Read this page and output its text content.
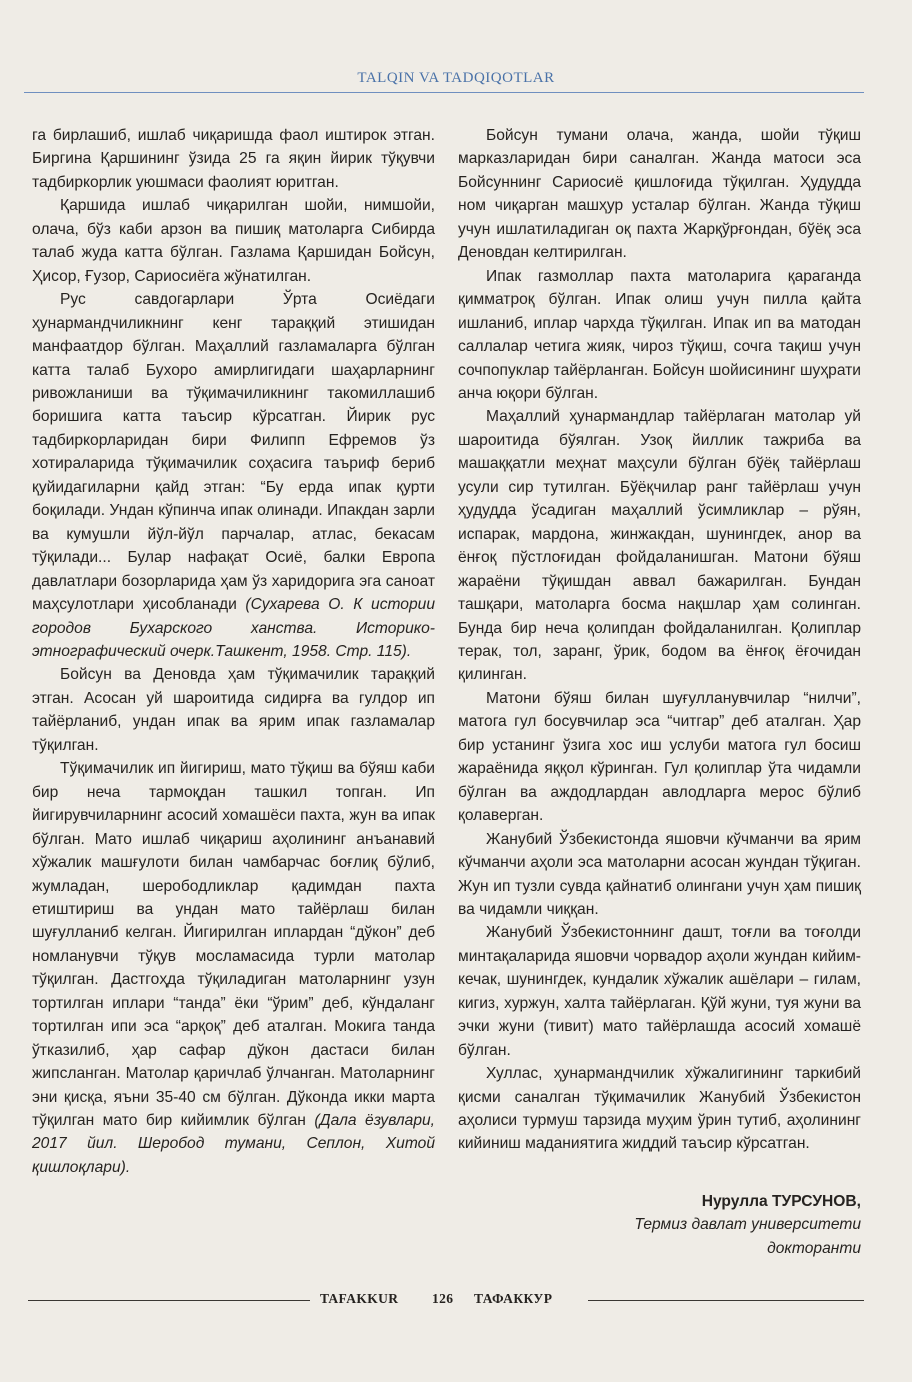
TALQIN VA TADQIQOTLAR

га бирлашиб, ишлаб чиқаришда фаол иштирок этган. Биргина Қаршининг ўзида 25 га яқин йирик тўқувчи тадбиркорлик уюшмаси фаолият юритган.

Қаршида ишлаб чиқарилган шойи, нимшойи, олача, бўз каби арзон ва пишиқ матоларга Сибирда талаб жуда катта бўлган. Газлама Қаршидан Бойсун, Ҳисор, Ғузор, Сариосиёга жўнатилган.

Рус савдогарлари Ўрта Осиёдаги ҳунармандчиликнинг кенг тараққий этишидан манфаатдор бўлган. Маҳаллий газламаларга бўлган катта талаб Бухоро амирлигидаги шаҳарларнинг ривожланиши ва тўқимачиликнинг такомиллашиб боришига катта таъсир кўрсатган. Йирик рус тадбиркорларидан бири Филипп Ефремов ўз хотираларида тўқимачилик соҳасига таъриф бериб қуйидагиларни қайд этган: “Бу ерда ипак қурти боқилади. Ундан кўпинча ипак олинади. Ипакдан зарли ва кумушли йўл-йўл парчалар, атлас, бекасам тўқилади... Булар нафақат Осиё, балки Европа давлатлари бозорларида ҳам ўз харидорига эга саноат маҳсулотлари ҳисобланади (Сухарева О. К истории городов Бухарского ханства. Историко-этнографический очерк.Ташкент, 1958. Стр. 115).

Бойсун ва Деновда ҳам тўқимачилик тараққий этган. Асосан уй шароитида сидирға ва гулдор ип тайёрланиб, ундан ипак ва ярим ипак газламалар тўқилган.

Тўқимачилик ип йигириш, мато тўқиш ва бўяш каби бир неча тармоқдан ташкил топган. Ип йигирувчиларнинг асосий хомашёси пахта, жун ва ипак бўлган. Мато ишлаб чиқариш аҳолининг анъанавий хўжалик машғулоти билан чамбарчас боғлиқ бўлиб, жумладан, шерободликлар қадимдан пахта етиштириш ва ундан мато тайёрлаш билан шуғулланиб келган. Йигирилган иплардан “дўкон” деб номланувчи тўқув мосламасида турли матолар тўқилган. Дастгоҳда тўқиладиган матоларнинг узун тортилган иплари “танда” ёки “ўрим” деб, кўндаланг тортилган ипи эса “арқоқ” деб аталган. Мокига танда ўтказилиб, ҳар сафар дўкон дастаси билан жипсланган. Матолар қаричлаб ўлчанган. Матоларнинг эни қисқа, яъни 35-40 см бўлган. Дўконда икки марта тўқилган мато бир кийимлик бўлган (Дала ёзувлари, 2017 йил. Шеробод тумани, Сеплон, Хитой қишлоқлари).

Бойсун тумани олача, жанда, шойи тўқиш марказларидан бири саналган. Жанда матоси эса Бойсуннинг Сариосиё қишлоғида тўқилган. Ҳудудда ном чиқарган машҳур усталар бўлган. Жанда тўқиш учун ишлатиладиган оқ пахта Жарқўрғондан, бўёқ эса Деновдан келтирилган.

Ипак газмоллар пахта матоларига қараганда қимматроқ бўлган. Ипак олиш учун пилла қайта ишланиб, иплар чархда тўқилган. Ипак ип ва матодан саллалар четига жияк, чироз тўқиш, сочга тақиш учун сочпопуклар тайёрланган. Бойсун шойисининг шуҳрати анча юқори бўлган.

Маҳаллий ҳунармандлар тайёрлаган матолар уй шароитида бўялган. Узоқ йиллик тажриба ва машаққатли меҳнат маҳсули бўлган бўёқ тайёрлаш усули сир тутилган. Бўёқчилар ранг тайёрлаш учун ҳудудда ўсадиган маҳаллий ўсимликлар – рўян, испарак, мардона, жинжакдан, шунингдек, анор ва ёнғоқ пўстлоғидан фойдаланишган. Матони бўяш жараёни тўқишдан аввал бажарилган. Бундан ташқари, матоларга босма нақшлар ҳам солинган. Бунда бир неча қолипдан фойдаланилган. Қолиплар терак, тол, заранг, ўрик, бодом ва ёнғоқ ёғочидан қилинган.

Матони бўяш билан шуғулланувчилар “нилчи”, матога гул босувчилар эса “читгар” деб аталган. Ҳар бир устанинг ўзига хос иш услуби матога гул босиш жараёнида яққол кўринган. Гул қолиплар ўта чидамли бўлган ва аждодлардан авлодларга мерос бўлиб қолаверган.

Жанубий Ўзбекистонда яшовчи кўчманчи ва ярим кўчманчи аҳоли эса матоларни асосан жундан тўқиган. Жун ип тузли сувда қайнатиб олингани учун ҳам пишиқ ва чидамли чиққан.

Жанубий Ўзбекистоннинг дашт, тоғли ва тоғолди минтақаларида яшовчи чорвадор аҳоли жундан кийим-кечак, шунингдек, кундалик хўжалик ашёлари – гилам, кигиз, хуржун, халта тайёрлаган. Қўй жуни, туя жуни ва эчки жуни (тивит) мато тайёрлашда асосий хомашё бўлган.

Хуллас, ҳунармандчилик хўжалигининг таркибий қисми саналган тўқимачилик Жанубий Ўзбекистон аҳолиси турмуш тарзида муҳим ўрин тутиб, аҳолининг кийиниш маданиятига жиддий таъсир кўрсатган.

Нурулла ТУРСУНОВ,
Термиз давлат университети
докторанти
TAFAKKUR 126 ТАФАККУР
